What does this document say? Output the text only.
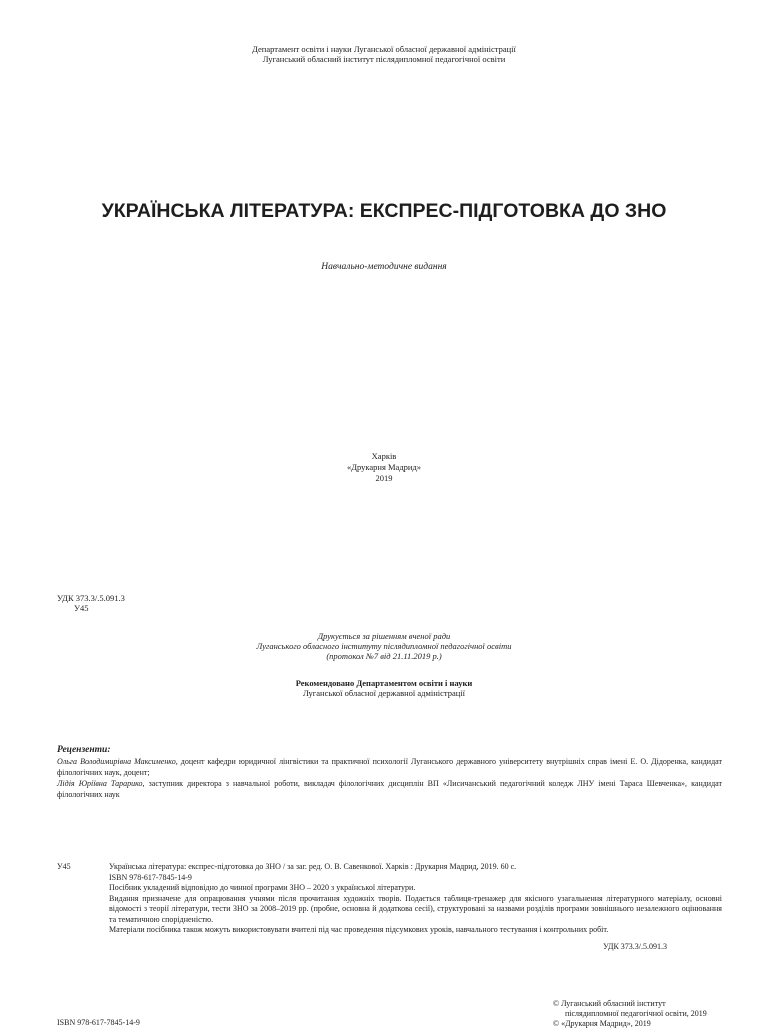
Департамент освіти і науки Луганської обласної державної адміністрації
Луганський обласний інститут післядипломної педагогічної освіти
УКРАЇНСЬКА ЛІТЕРАТУРА: ЕКСПРЕС-ПІДГОТОВКА ДО ЗНО
Навчально-методичне видання
Харків
«Друкарня Мадрид»
2019
УДК 373.3/.5.091.3
У45
Друкується за рішенням вченої ради
Луганського обласного інституту післядипломної педагогічної освіти
(протокол №7 від 21.11.2019 р.)
Рекомендовано Департаментом освіти і науки
Луганської обласної державної адміністрації
Рецензенти:
Ольга Володимирівна Максименко, доцент кафедри юридичної лінгвістики та практичної психології Луганського державного університету внутрішніх справ імені Е. О. Дідоренка, кандидат філологічних наук, доцент;
Лідія Юріївна Тарарико, заступник директора з навчальної роботи, викладач філологічних дисциплін ВП «Лисичанський педагогічний коледж ЛНУ імені Тараса Шевченка», кандидат філологічних наук
У45	Українська література: експрес-підготовка до ЗНО / за заг. ред. О. В. Савенкової. Харків : Друкарня Мадрид, 2019. 60 с.
ISBN 978-617-7845-14-9
Посібник укладений відповідно до чинної програми ЗНО – 2020 з української літератури.
Видання призначене для опрацювання учнями після прочитання художніх творів. Подається таблиця-тренажер для якісного узагальнення літературного матеріалу, основні відомості з теорії літератури, тести ЗНО за 2008–2019 рр. (пробне, основна й додаткова сесії), структуровані за назвами розділів програми зовнішнього незалежного оцінювання та тематичною спорідненістю.
Матеріали посібника також можуть використовувати вчителі під час проведення підсумкових уроків, навчального тестування і контрольних робіт.
УДК 373.3/.5.091.3
ISBN 978-617-7845-14-9
© Луганський обласний інститут
післядипломної педагогічної освіти, 2019
© «Друкарня Мадрид», 2019
